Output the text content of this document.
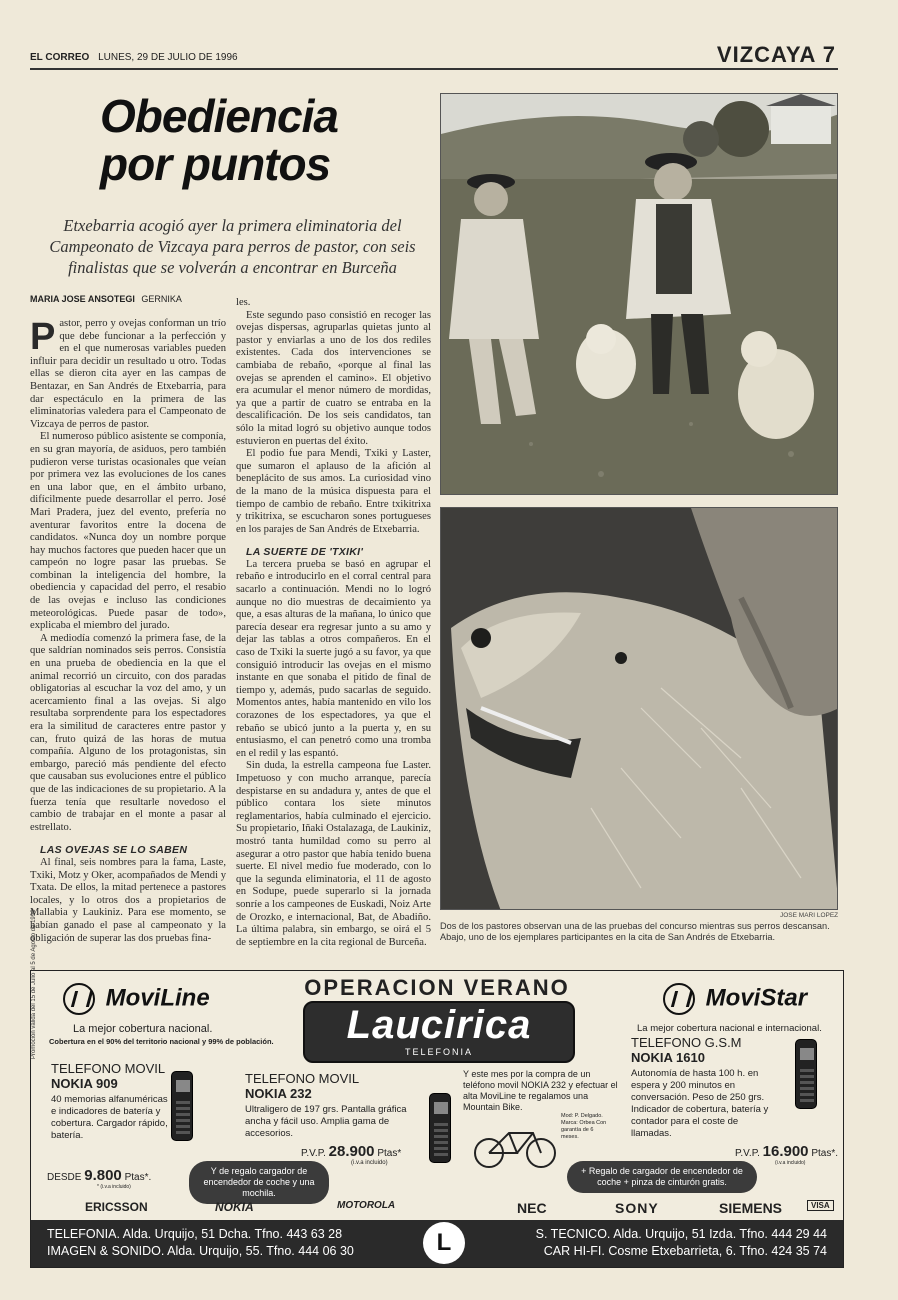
EL CORREO LUNES, 29 DE JULIO DE 1996	VIZCAYA 7
Obediencia por puntos
Etxebarria acogió ayer la primera eliminatoria del Campeonato de Vizcaya para perros de pastor, con seis finalistas que se volverán a encontrar en Burceña
MARIA JOSE ANSOTEGI GERNIKA
P astor, perro y ovejas conforman un trío que debe funcionar a la perfección y en el que numerosas variables pueden influir para decidir un resultado u otro. Todas ellas se dieron cita ayer en las campas de Bentazar, en San Andrés de Etxebarria, para dar espectáculo en la primera de las eliminatorias valedera para el Campeonato de Vizcaya de perros de pastor.

El numeroso público asistente se componía, en su gran mayoría, de asiduos, pero también pudieron verse turistas ocasionales que veían por primera vez las evoluciones de los canes en una labor que, en el ámbito urbano, difícilmente puede desarrollar el perro. José Mari Pradera, juez del evento, prefería no aventurar favoritos entre la docena de candidatos. «Nunca doy un nombre porque hay muchos factores que pueden hacer que un campeón no logre pasar las pruebas. Se combinan la inteligencia del hombre, la obediencia y capacidad del perro, el resabio de las ovejas e incluso las condiciones meteorológicas. Puede pasar de todo», explicaba el miembro del jurado.

A mediodía comenzó la primera fase, de la que saldrían nominados seis perros. Consistía en una prueba de obediencia en la que el animal recorrió un circuito, con dos paradas obligatorias al escuchar la voz del amo, y un acercamiento final a las ovejas. Si algo resultaba sorprendente para los espectadores era la similitud de caracteres entre pastor y can, fruto quizá de las horas de mutua compañía. Alguno de los protagonistas, sin embargo, pareció más pendiente del efecto que causaban sus evoluciones entre el público que de las indicaciones de su propietario. A la fuerza tenía que resultarle novedoso el cambio de trabajar en el monte a pasar al estrellato.

LAS OVEJAS SE LO SABEN

Al final, seis nombres para la fama, Laste, Txiki, Motz y Oker, acompañados de Mendi y Txata. De ellos, la mitad pertenece a pastores locales, y lo otros dos a propietarios de Mallabia y Laukiniz. Para ese momento, se habían ganado el pase al campeonato y la obligación de superar las dos pruebas fina-

les.

Este segundo paso consistió en recoger las ovejas dispersas, agruparlas quietas junto al pastor y enviarlas a uno de los dos rediles existentes. Cada dos intervenciones se cambiaba de rebaño, «porque al final las ovejas se aprenden el camino». El objetivo era acumular el menor número de mordidas, ya que a partir de cuatro se entraba en la descalificación. De los seis candidatos, tan sólo la mitad logró su objetivo aunque todos estuvieron en puertas del éxito.

El podio fue para Mendi, Txiki y Laster, que sumaron el aplauso de la afición al beneplácito de sus amos. La curiosidad vino de la mano de la música dispuesta para el tiempo de cambio de rebaño. Entre txikitrixa y trikitrixa, se escucharon sones portugueses en los parajes de San Andrés de Etxebarria.

LA SUERTE DE 'TXIKI'

La tercera prueba se basó en agrupar el rebaño e introducirlo en el corral central para sacarlo a continuación. Mendi no lo logró aunque no dio muestras de decaimiento ya que, a esas alturas de la mañana, lo único que parecía desear era regresar junto a su amo y dejar las tablas a otros compañeros. En el caso de Txiki la suerte jugó a su favor, ya que consiguió introducir las ovejas en el mismo instante en que sonaba el pitido de final de tiempo y, además, pudo sacarlas de seguido. Momentos antes, había mantenido en vilo los corazones de los espectadores, ya que el rebaño se ubicó junto a la puerta y, en su entusiasmo, el can penetró como una tromba en el redil y las espantó.

Sin duda, la estrella campeona fue Laster. Impetuoso y con mucho arranque, parecía despistarse en su andadura y, antes de que el público contara los siete minutos reglamentarios, había culminado el ejercicio. Su propietario, Iñaki Ostalazaga, de Laukiniz, mostró tanta humildad como su perro al asegurar a otro pastor que había tenido buena suerte. El nivel medio fue moderado, con lo que la segunda eliminatoria, el 11 de agosto en Sodupe, puede superarlo si la jornada sonríe a los campeones de Euskadi, Noiz Arte de Orozko, e internacional, Bat, de Abadiño. La última palabra, sin embargo, se oirá el 5 de septiembre en la cita regional de Burceña.

JOSE MARI LOPEZ
Dos de los pastores observan una de las pruebas del concurso mientras sus perros descansan. Abajo, uno de los ejemplares participantes en la cita de San Andrés de Etxebarria.
Promoción válida del 15 de Julio al 5 de Agosto de 1996	OPERACION VERANO
MoviLine
La mejor cobertura nacional.
Cobertura en el 90% del territorio nacional y 99% de población.
MoviStar
La mejor cobertura nacional e internacional.
Laucirica
TELEFONIA
TELEFONO MOVIL
NOKIA 909
40 memorias alfanuméricas e indicadores de batería y cobertura. Cargador rápido, batería.
DESDE 9.800 Ptas*.
* (i.v.a incluido)
TELEFONO MOVIL
NOKIA 232
Ultraligero de 197 grs. Pantalla gráfica ancha y fácil uso. Amplia gama de accesorios.
P.V.P. 28.900 Ptas*
(i.v.a incluido)
Y de regalo cargador de encendedor de coche y una mochila.
Y este mes por la compra de un teléfono movil NOKIA 232 y efectuar el alta MoviLine te regalamos una Mountain Bike.
Mod: P. Delgado. Marca: Orbea Con garantía de 6 meses.
TELEFONO G.S.M
NOKIA 1610
Autonomía de hasta 100 h. en espera y 200 minutos en conversación. Peso de 250 grs. Indicador de cobertura, batería y contador para el coste de llamadas.
P.V.P. 16.900 Ptas*.
(i.v.a incluido)
+ Regalo de cargador de encendedor de coche + pinza de cinturón gratis.
ERICSSON	NOKIA	MOTOROLA	NEC	SONY	SIEMENS	VISA
TELEFONIA. Alda. Urquijo, 51 Dcha. Tfno. 443 63 28
IMAGEN & SONIDO. Alda. Urquijo, 55. Tfno. 444 06 30	L	S. TECNICO. Alda. Urquijo, 51 Izda. Tfno. 444 29 44
CAR HI-FI. Cosme Etxebarrieta, 6. Tfno. 424 35 74
